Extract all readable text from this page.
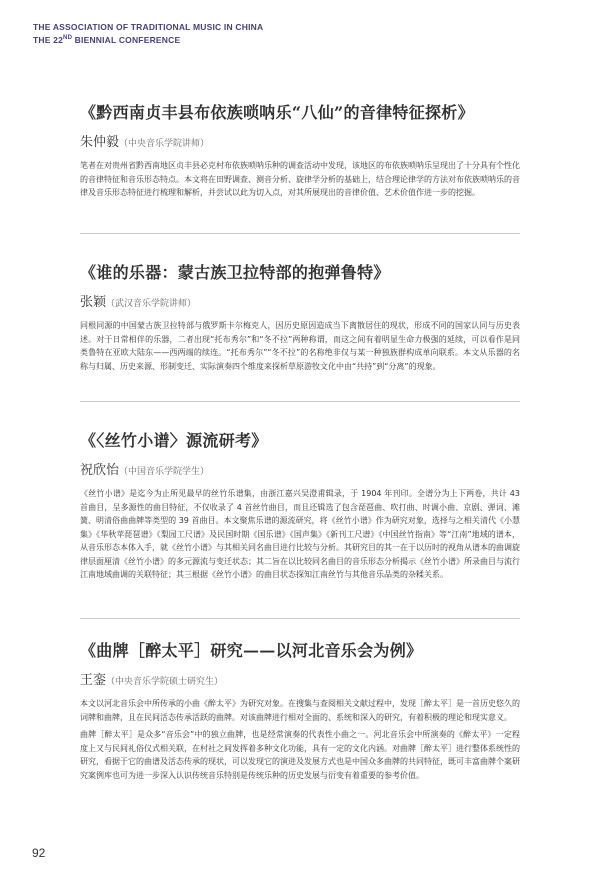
THE ASSOCIATION OF TRADITIONAL MUSIC IN CHINA
THE 22ND BIENNIAL CONFERENCE
《黔西南贞丰县布依族唢呐乐“八仙”的音律特征探析》
朱仲毅（中央音乐学院讲师）

笔者在对贵州省黔西南地区贞丰县必克村布依族唢呐乐种的调查活动中发现，该地区的布依族唢呐乐呈现出了十分具有个性化的音律特征和音乐形态特点。本文将在田野调查、测音分析、旋律学分析的基础上，结合理论律学的方法对布依族唢呐乐的音律及音乐形态特征进行梳理和解析，并尝试以此为切入点，对其所展现出的音律价值、艺术价值作进一步的挖掘。

《谁的乐器：蒙古族卫拉特部的抱弹鲁特》
张颖（武汉音乐学院讲师）

同根同源的中国蒙古族卫拉特部与俄罗斯卡尔梅克人，因历史原因造成当下离散居住的现状，形成不同的国家认同与历史表述。对于日常相伴的乐器，二者出现“托布秀尔”和“冬不拉”两种称谓，而这之间有着明显生命力极强的延续，可以看作是同类鲁特在亚欧大陆东——西两端的续连。“托布秀尔”“冬不拉”的名称绝非仅与某一种独族群构成单向联系。本文从乐器的名称与归属、历史来源、形制变迁、实际演奏四个维度来探析草原游牧文化中由“共持”到“分离”的现象。

《〈丝竹小谱〉源流研考》
祝欣怡（中国音乐学院学生）

《丝竹小谱》是迄今为止所见最早的丝竹乐谱集，由浙江嘉兴吴澄甫辑录，于 1904 年刊印。全谱分为上下两卷，共计 43 首曲目，呈多源性的曲目特征，不仅收录了 4 首丝竹曲目，而且还辑选了包含琵琶曲、吹打曲、时调小曲、京剧、弹词、滩簧、明清俗曲曲牌等类型的 39 首曲目。本文聚焦乐谱的源流研究，将《丝竹小谱》作为研究对象，选择与之相关清代《小慧集》《华秋苹琵琶谱》《梨园工尺谱》及民国时期《国乐谱》《国声集》《新刊工尺谱》《中国丝竹指南》等“江南”地域的谱本，从音乐形态本体入手，就《丝竹小谱》与其相关同名曲目进行比较与分析。其研究目的其一在于以历时的视角从谱本的曲调旋律层面厘清《丝竹小谱》的多元源流与变迁状态；其二旨在以比较同名曲目的音乐形态分析揭示《丝竹小谱》所录曲目与流行江南地域曲调的关联特征；其三根据《丝竹小谱》的曲目状态探知江南丝竹与其他音乐品类的杂糅关系。

《曲牌［醉太平］研究——以河北音乐会为例》
王銮（中央音乐学院硕士研究生）

本文以河北音乐会中所传承的小曲《醉太平》为研究对象。在搜集与查阅相关文献过程中，发现［醉太平］是一首历史悠久的词牌和曲牌，且在民间活态传承活跃的曲牌。对该曲牌进行相对全面的、系统和深入的研究，有着积极的理论和现实意义。

曲牌［醉太平］是众多“音乐会”中的独立曲牌，也是经常演奏的代表性小曲之一。河北音乐会中所演奏的《醉太平》一定程度上又与民间礼俗仪式相关联，在村社之间发挥着多种文化功能，具有一定的文化内涵。对曲牌［醉太平］进行整体系统性的研究，看据于它的曲谱及活态传承的现状，可以发现它的演进及发展方式也是中国众多曲牌的共同特征，既可丰富曲牌个案研究案例库也可为进一步深入认识传统音乐特别是传统乐种的历史发展与衍变有着重要的参考价值。

92
